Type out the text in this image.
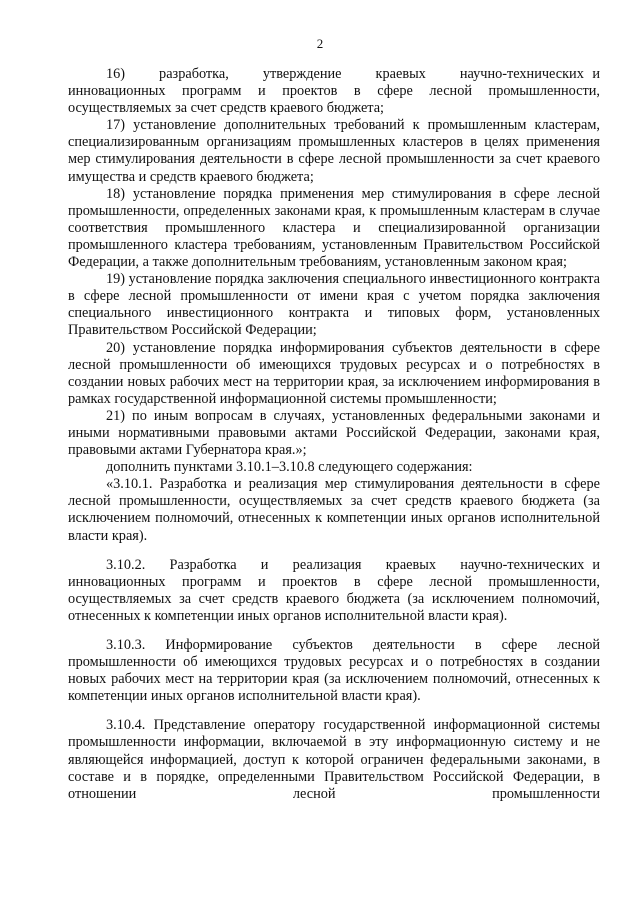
2

16)    разработка,    утверждение    краевых    научно-технических и инновационных программ и проектов в сфере лесной промышленности, осуществляемых за счет средств краевого бюджета;

17) установление дополнительных требований к промышленным кластерам, специализированным организациям промышленных кластеров в целях применения мер стимулирования деятельности в сфере лесной промышленности за счет краевого имущества и средств краевого бюджета;

18) установление порядка применения мер стимулирования в сфере лесной промышленности, определенных законами края, к промышленным кластерам в случае соответствия промышленного кластера и специализированной организации промышленного кластера требованиям, установленным Правительством Российской Федерации, а также дополнительным требованиям, установленным законом края;

19) установление порядка заключения специального инвестиционного контракта в сфере лесной промышленности от имени края с учетом порядка заключения специального инвестиционного контракта и типовых форм, установленных Правительством Российской Федерации;

20) установление порядка информирования субъектов деятельности в сфере лесной промышленности об имеющихся трудовых ресурсах и о потребностях в создании новых рабочих мест на территории края, за исключением информирования в рамках государственной информационной системы промышленности;

21) по иным вопросам в случаях, установленных федеральными законами и иными нормативными правовыми актами Российской Федерации, законами края, правовыми актами Губернатора края.»;

дополнить пунктами 3.10.1–3.10.8 следующего содержания:

«3.10.1. Разработка и реализация мер стимулирования деятельности в сфере лесной промышленности, осуществляемых за счет средств краевого бюджета (за исключением полномочий, отнесенных к компетенции иных органов исполнительной власти края).

3.10.2.   Разработка   и   реализация   краевых   научно-технических и инновационных программ и проектов в сфере лесной промышленности, осуществляемых за счет средств краевого бюджета (за исключением полномочий, отнесенных к компетенции иных органов исполнительной власти края).

3.10.3. Информирование субъектов деятельности в сфере лесной промышленности об имеющихся трудовых ресурсах и о потребностях в создании новых рабочих мест на территории края (за исключением полномочий, отнесенных к компетенции иных органов исполнительной власти края).

3.10.4. Представление оператору государственной информационной системы промышленности информации, включаемой в эту информационную систему и не являющейся информацией, доступ к которой ограничен федеральными законами, в составе и в порядке, определенными Правительством Российской Федерации, в отношении лесной промышленности
